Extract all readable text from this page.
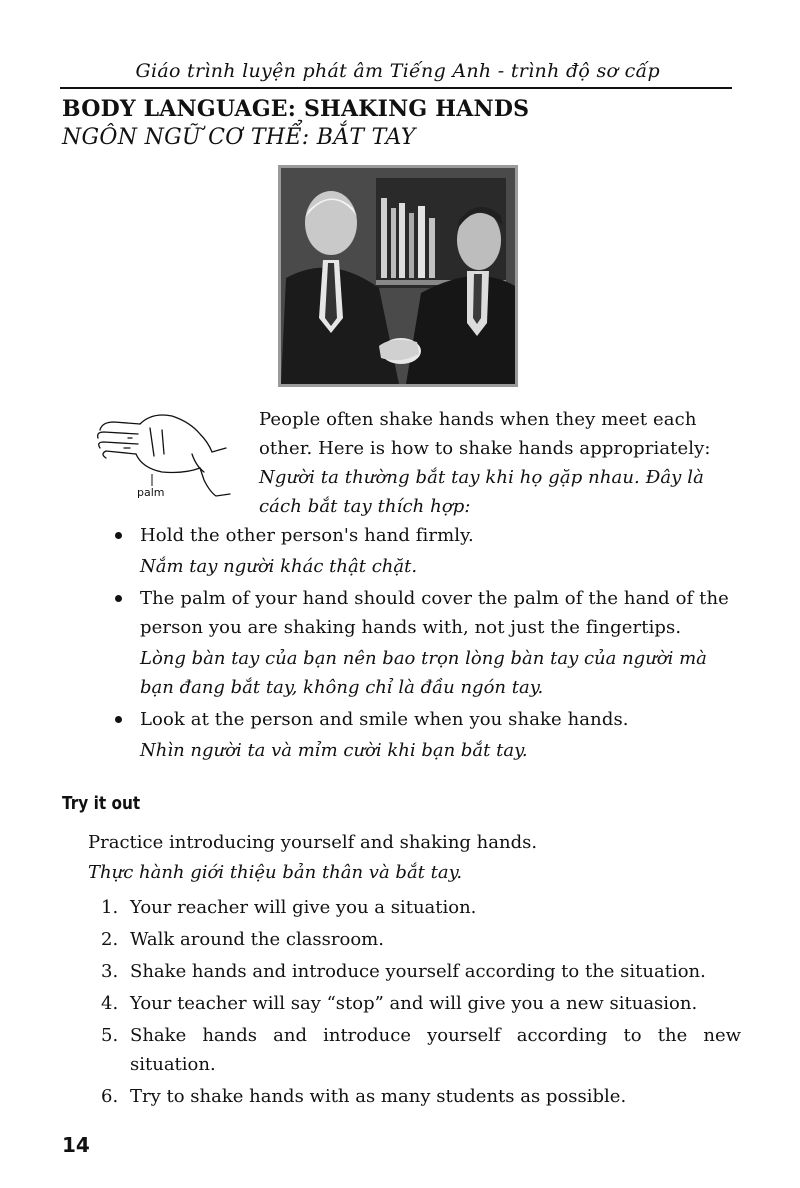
Giáo trình luyện phát âm Tiếng Anh - trình độ sơ cấp
BODY LANGUAGE: SHAKING HANDS
NGÔN NGỮ CƠ THỂ: BẮT TAY
palm
People often shake hands when they meet each other. Here is how to shake hands appropriately:
Người ta thường bắt tay khi họ gặp nhau. Đây là cách bắt tay thích hợp:
Hold the other person's hand firmly.
Nắm tay người khác thật chặt.
The palm of your hand should cover the palm of the hand of the person you are shaking hands with, not just the fingertips.
Lòng bàn tay của bạn nên bao trọn lòng bàn tay của người mà bạn đang bắt tay, không chỉ là đầu ngón tay.
Look at the person and smile when you shake hands.
Nhìn người ta và mỉm cười khi bạn bắt tay.
Try it out
Practice introducing yourself and shaking hands.
Thực hành giới thiệu bản thân và bắt tay.
1. Your reacher will give you a situation.
2. Walk around the classroom.
3. Shake hands and introduce yourself according to the situation.
4. Your teacher will say “stop” and will give you a new situasion.
5. Shake hands and introduce yourself according to the new situation.
6. Try to shake hands with as many students as possible.
14
